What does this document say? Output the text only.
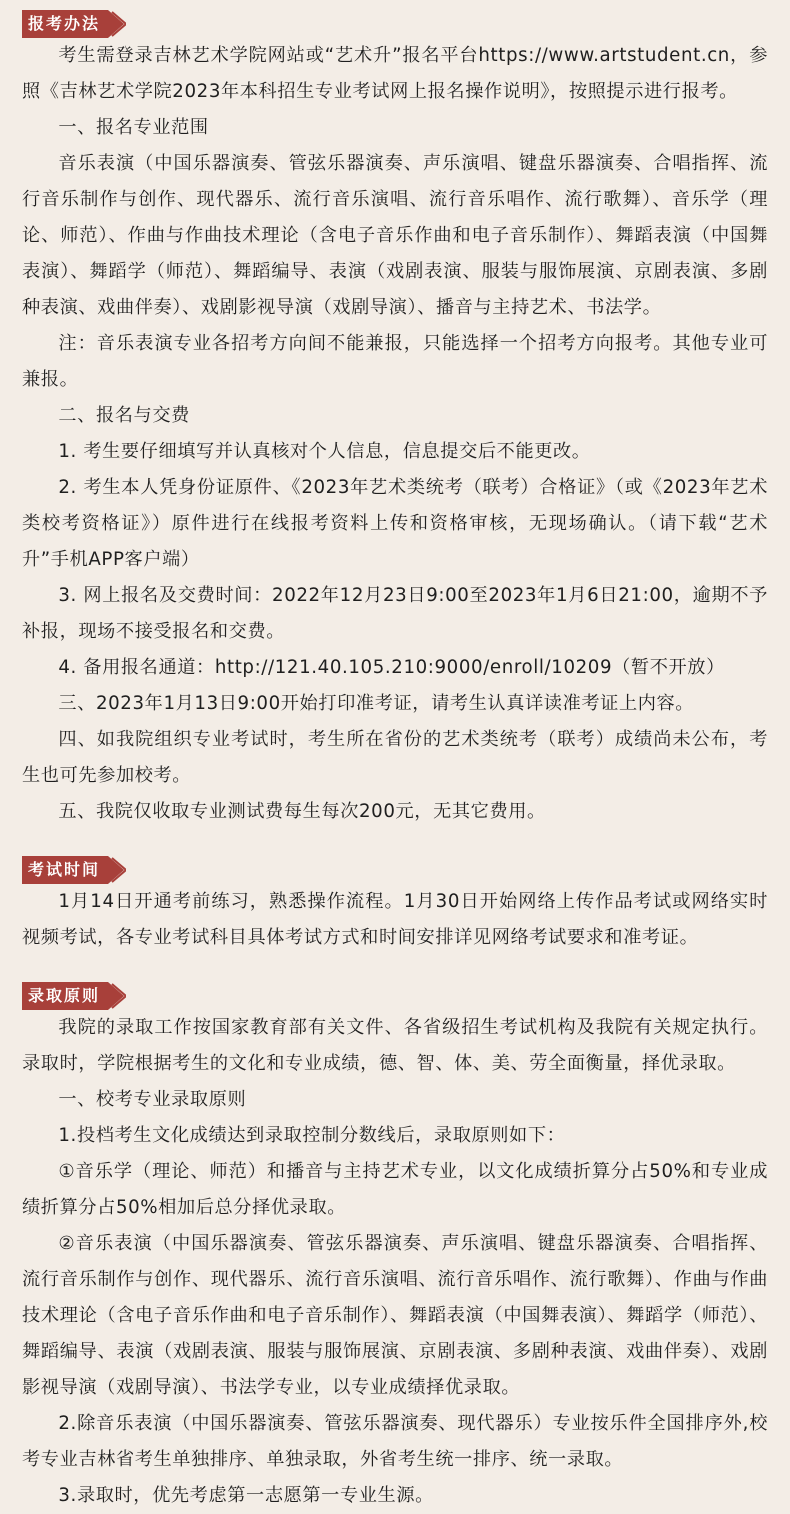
报考办法

考生需登录吉林艺术学院网站或“艺术升”报名平台https://www.artstudent.cn，参照《吉林艺术学院2023年本科招生专业考试网上报名操作说明》，按照提示进行报考。

一、报名专业范围

音乐表演（中国乐器演奏、管弦乐器演奏、声乐演唱、键盘乐器演奏、合唱指挥、流行音乐制作与创作、现代器乐、流行音乐演唱、流行音乐唱作、流行歌舞）、音乐学（理论、师范）、作曲与作曲技术理论（含电子音乐作曲和电子音乐制作）、舞蹈表演（中国舞表演）、舞蹈学（师范）、舞蹈编导、表演（戏剧表演、服装与服饰展演、京剧表演、多剧种表演、戏曲伴奏）、戏剧影视导演（戏剧导演）、播音与主持艺术、书法学。

注：音乐表演专业各招考方向间不能兼报，只能选择一个招考方向报考。其他专业可兼报。

二、报名与交费

1. 考生要仔细填写并认真核对个人信息，信息提交后不能更改。

2. 考生本人凭身份证原件、《2023年艺术类统考（联考）合格证》（或《2023年艺术类校考资格证》）原件进行在线报考资料上传和资格审核，无现场确认。（请下载“艺术升”手机APP客户端）

3. 网上报名及交费时间：2022年12月23日9:00至2023年1月6日21:00，逾期不予补报，现场不接受报名和交费。

4. 备用报名通道：http://121.40.105.210:9000/enroll/10209（暂不开放）

三、2023年1月13日9:00开始打印准考证，请考生认真详读准考证上内容。

四、如我院组织专业考试时，考生所在省份的艺术类统考（联考）成绩尚未公布，考生也可先参加校考。

五、我院仅收取专业测试费每生每次200元，无其它费用。

考试时间

1月14日开通考前练习，熟悉操作流程。1月30日开始网络上传作品考试或网络实时视频考试，各专业考试科目具体考试方式和时间安排详见网络考试要求和准考证。

录取原则

我院的录取工作按国家教育部有关文件、各省级招生考试机构及我院有关规定执行。录取时，学院根据考生的文化和专业成绩，德、智、体、美、劳全面衡量，择优录取。

一、校考专业录取原则

1.投档考生文化成绩达到录取控制分数线后，录取原则如下：

①音乐学（理论、师范）和播音与主持艺术专业，以文化成绩折算分占50%和专业成绩折算分占50%相加后总分择优录取。

②音乐表演（中国乐器演奏、管弦乐器演奏、声乐演唱、键盘乐器演奏、合唱指挥、流行音乐制作与创作、现代器乐、流行音乐演唱、流行音乐唱作、流行歌舞）、作曲与作曲技术理论（含电子音乐作曲和电子音乐制作）、舞蹈表演（中国舞表演）、舞蹈学（师范）、舞蹈编导、表演（戏剧表演、服装与服饰展演、京剧表演、多剧种表演、戏曲伴奏）、戏剧影视导演（戏剧导演）、书法学专业，以专业成绩择优录取。

2.除音乐表演（中国乐器演奏、管弦乐器演奏、现代器乐）专业按乐件全国排序外,校考专业吉林省考生单独排序、单独录取，外省考生统一排序、统一录取。

3.录取时，优先考虑第一志愿第一专业生源。
